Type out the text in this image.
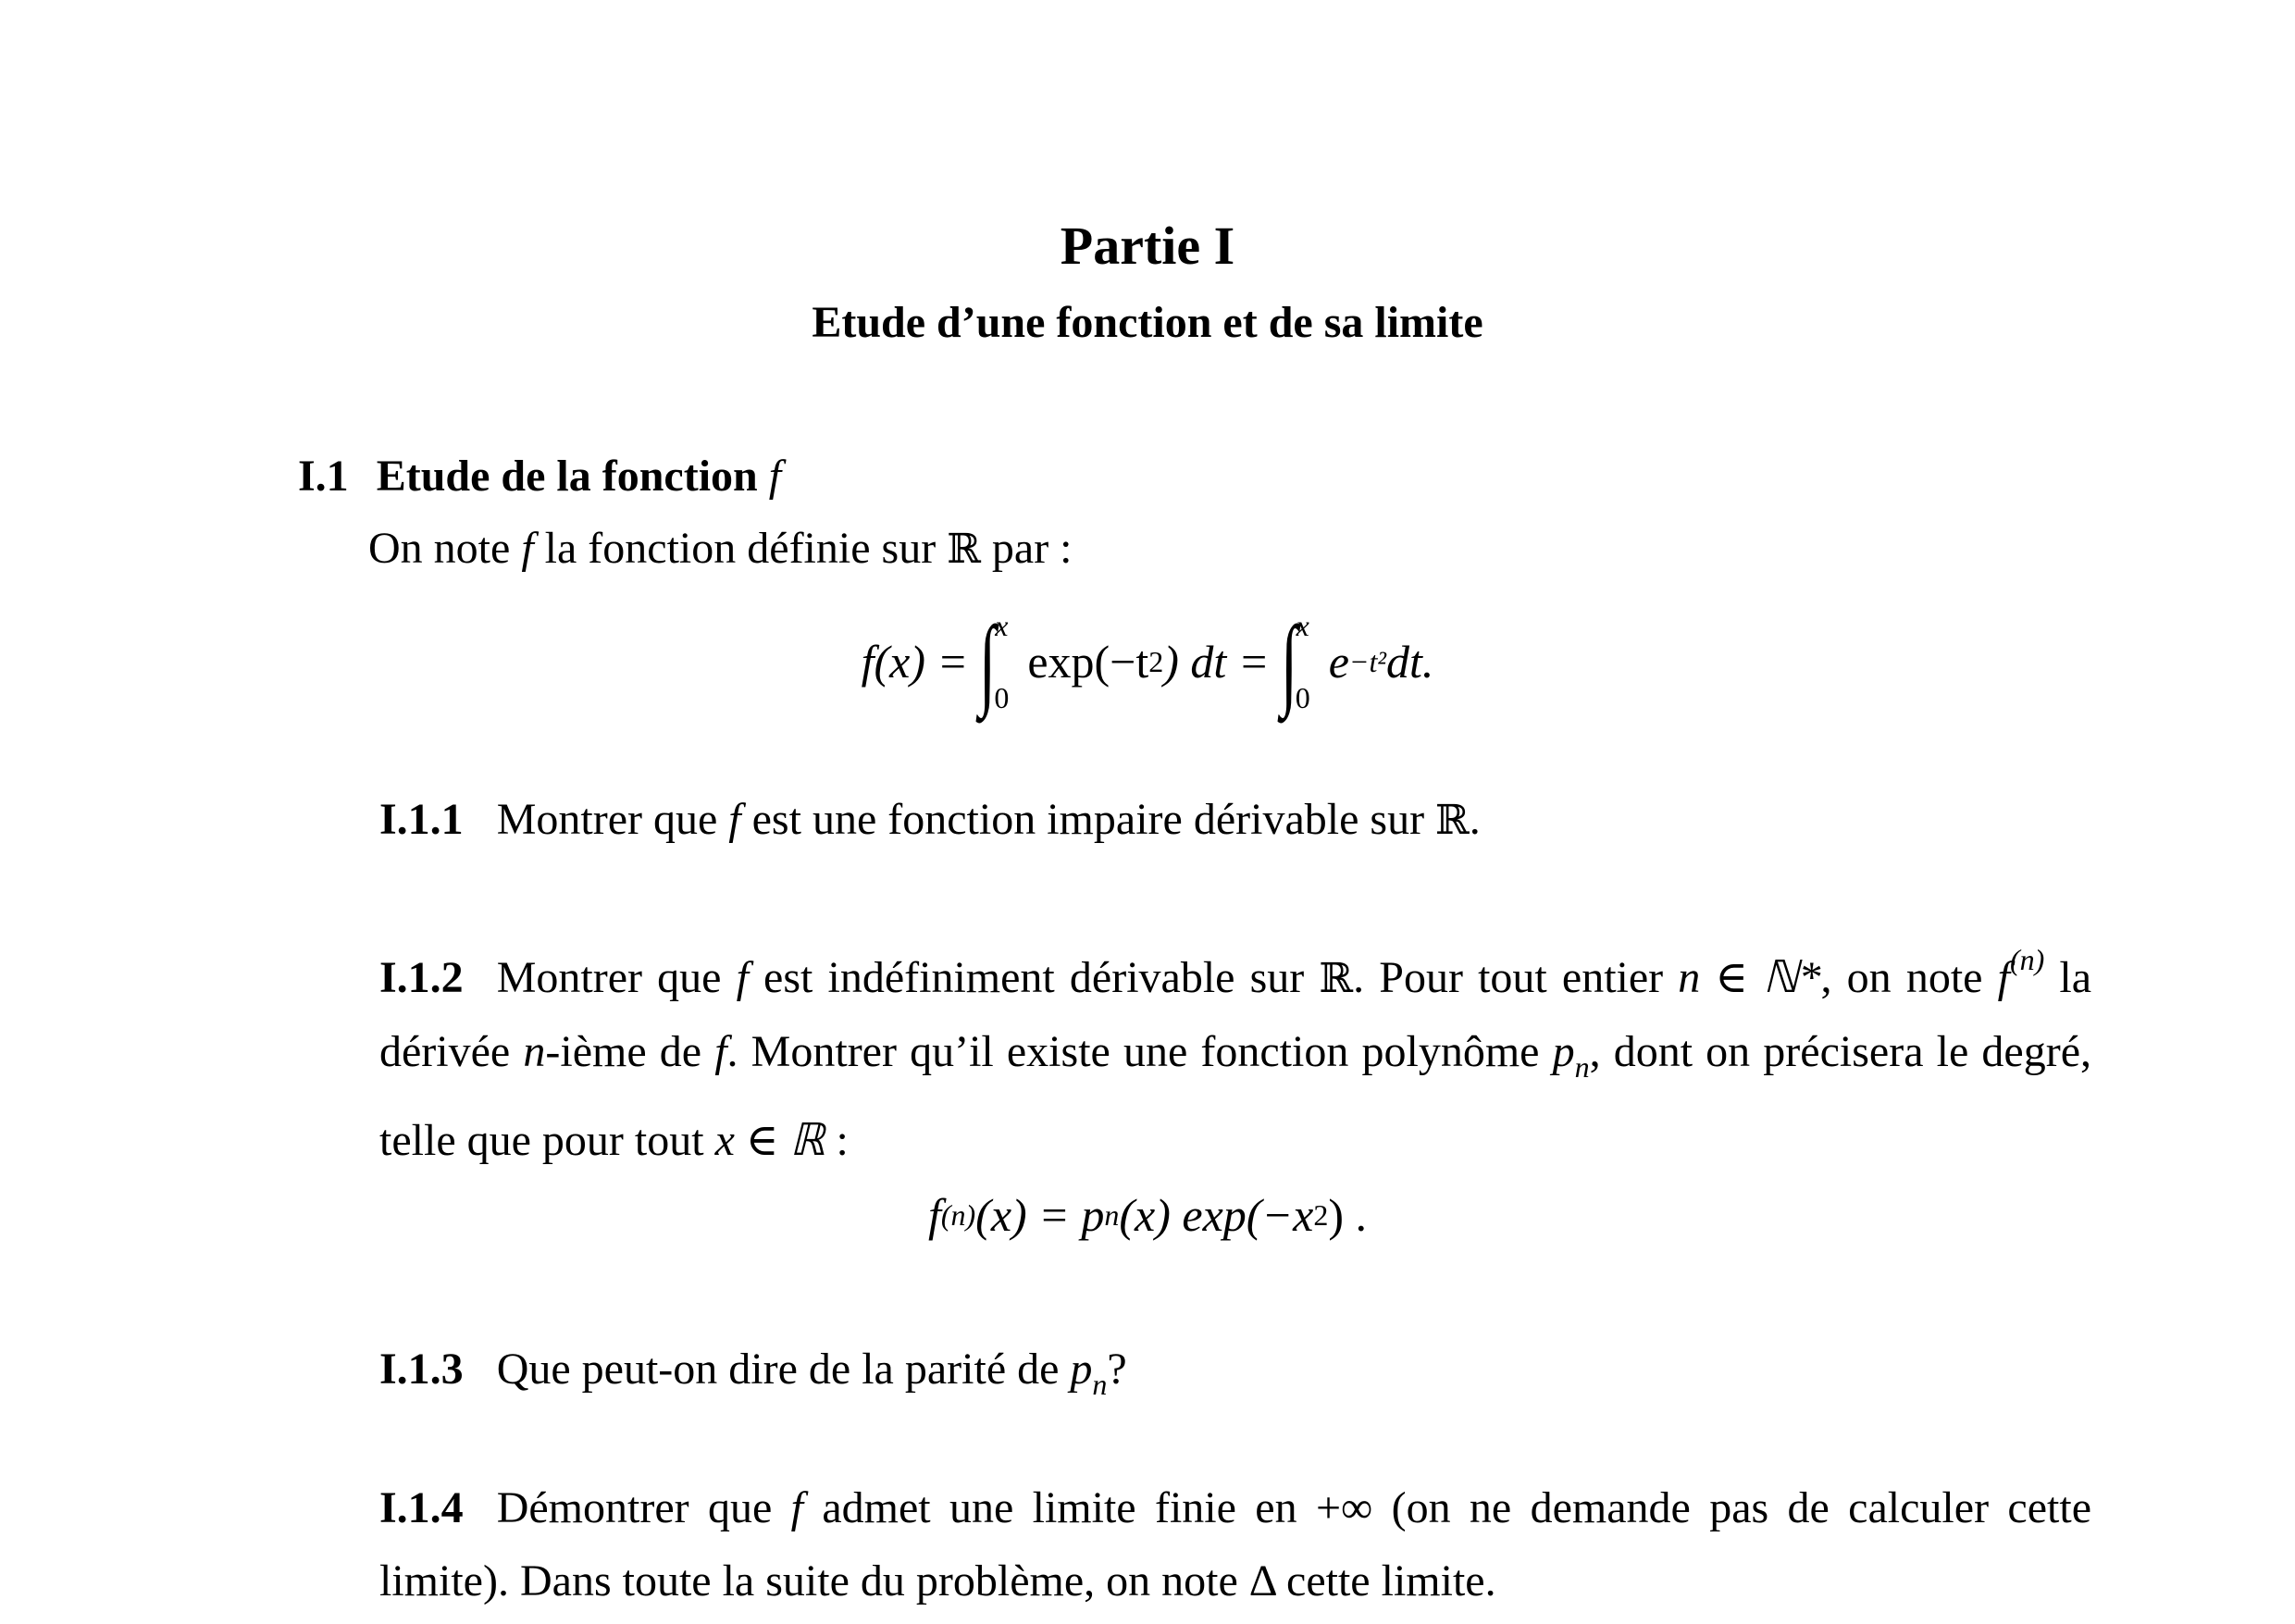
Partie I
Etude d’une fonction et de sa limite
I.1 Etude de la fonction f
On note f la fonction définie sur ℝ par :
f(x) = ∫
x
0
exp(−t 2 ) dt = ∫
x
0
e −t² dt.
I.1.1 Montrer que f est une fonction impaire dérivable sur ℝ.
I.1.2 Montrer que f est indéfiniment dérivable sur ℝ. Pour tout entier n ∈ ℕ*, on note $f^{(n)}$ la dérivée n-ième de f. Montrer qu’il existe une fonction polynôme $p_n$, dont on précisera le degré, telle que pour tout x ∈ ℝ :
f (n) (x) = p n (x) exp(−x 2 ) .
I.1.3 Que peut-on dire de la parité de $p_n$?
I.1.4 Démontrer que f admet une limite finie en +∞ (on ne demande pas de calculer cette limite). Dans toute la suite du problème, on note Δ cette limite.
